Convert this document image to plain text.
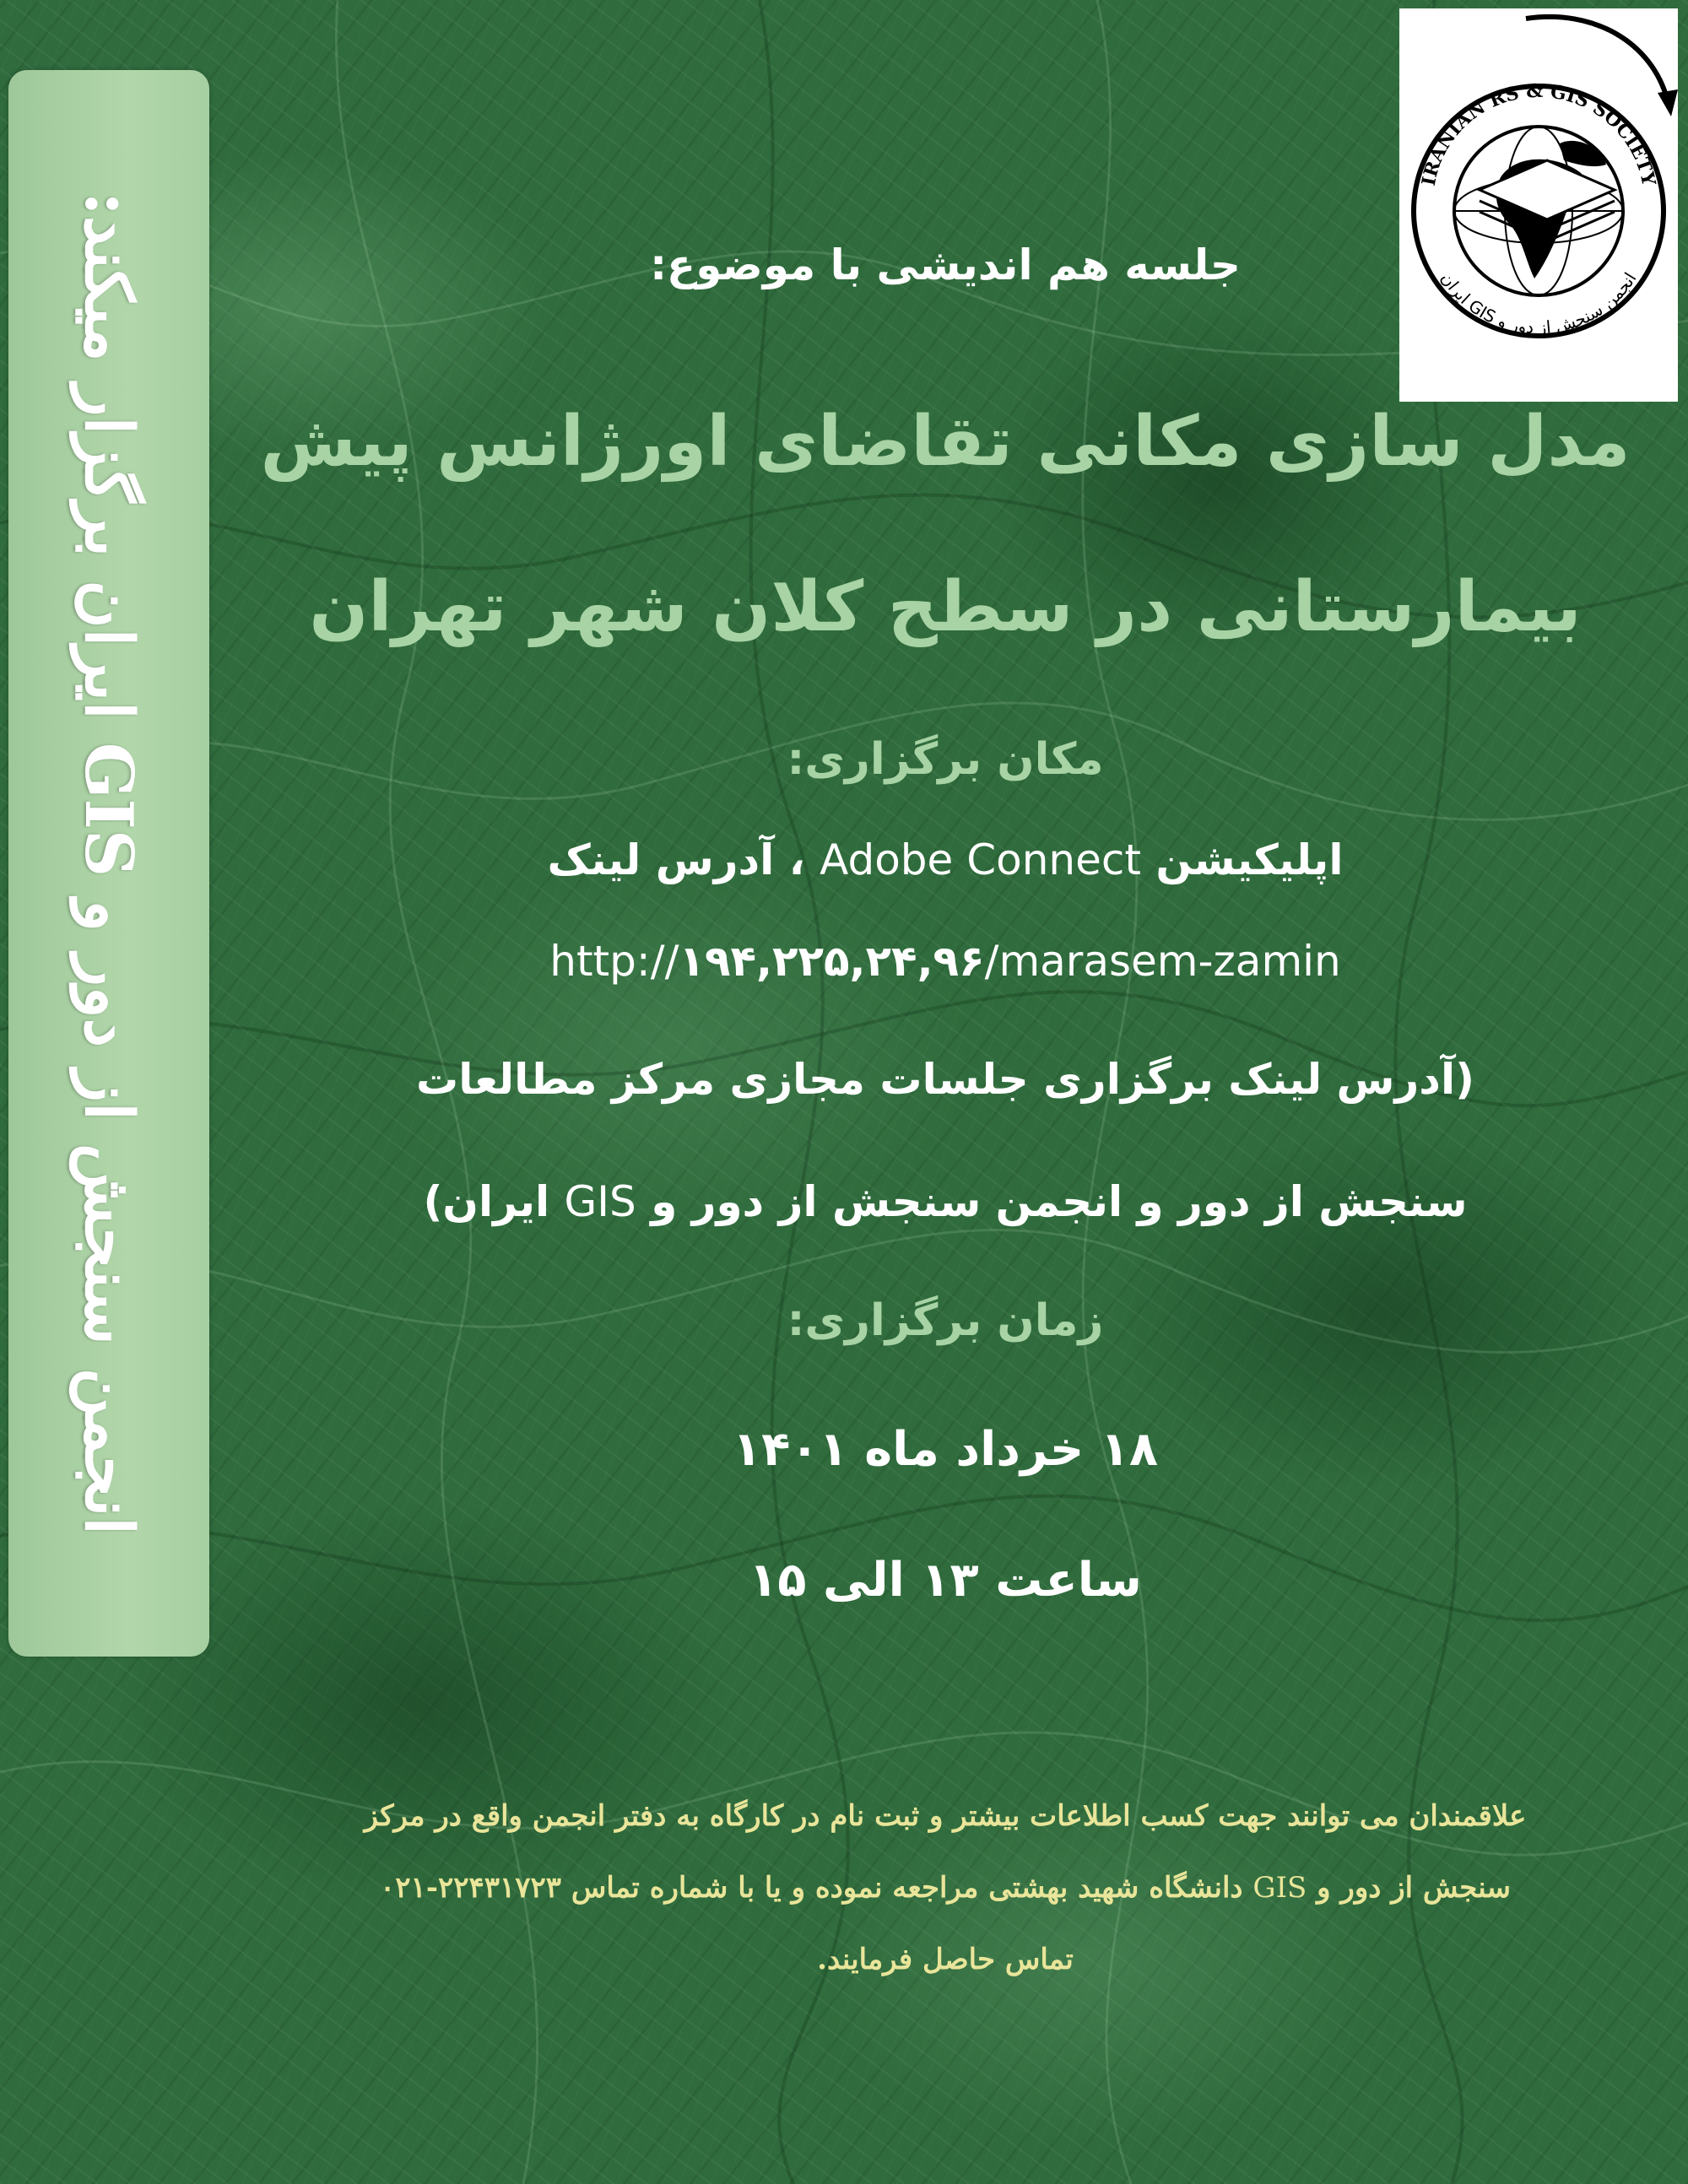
انجمن سنجش از دور و GIS ایران برگزار میکند:
IRANIAN RS & GIS SOCIETY
انجمن سنجش از دور و GIS ایران
جلسه هم اندیشی با موضوع:
مدل سازی مکانی تقاضای اورژانس پیش
بیمارستانی در سطح کلان شهر تهران
مکان برگزاری:
اپلیکیشن Adobe Connect ، آدرس لینک
http://۱۹۴,۲۲۵,۲۴,۹۶/marasem-zamin
(آدرس لینک برگزاری جلسات مجازی مرکز مطالعات
سنجش از دور و انجمن سنجش از دور و GIS ایران)
زمان برگزاری:
۱۸ خرداد ماه ۱۴۰۱
ساعت ۱۳ الی ۱۵
علاقمندان می توانند جهت کسب اطلاعات بیشتر و ثبت نام در کارگاه به دفتر انجمن واقع در مرکز
سنجش از دور و GIS دانشگاه شهید بهشتی مراجعه نموده و یا با شماره تماس ۲۲۴۳۱۷۲۳-۰۲۱
تماس حاصل فرمایند.
